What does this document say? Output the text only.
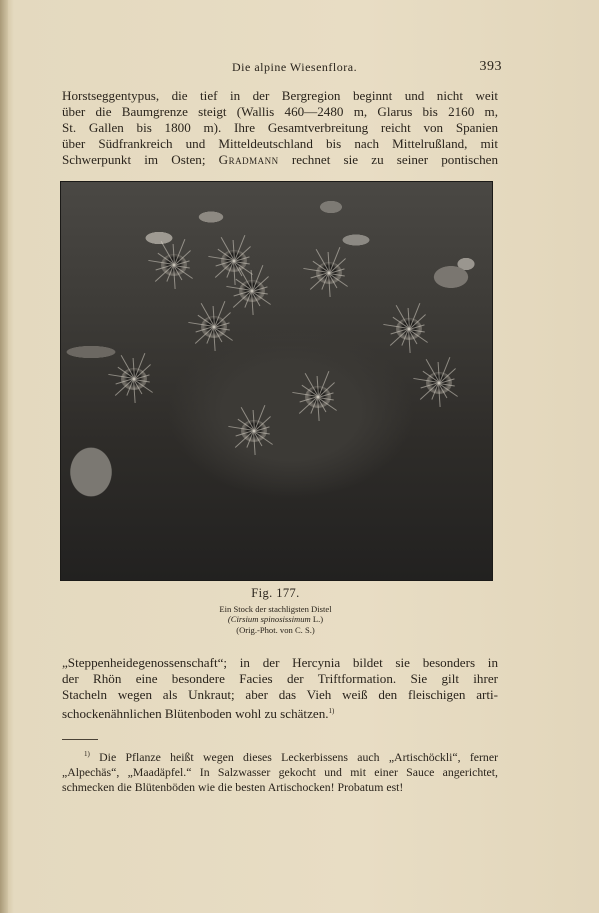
Die alpine Wiesenflora.	393
Horstseggentypus, die tief in der Bergregion beginnt und nicht weit
über die Baumgrenze steigt (Wallis 460—2480 m, Glarus bis 2160 m,
St. Gallen bis 1800 m). Ihre Gesamtverbreitung reicht von Spanien
über Südfrankreich und Mitteldeutschland bis nach Mittelrußland, mit
Schwerpunkt im Osten; Gradmann rechnet sie zu seiner pontischen
Fig. 177.
Ein Stock der stachligsten Distel
(Cirsium spinosissimum L.)
(Orig.-Phot. von C. S.)
„Steppenheidegenossenschaft“; in der Hercynia bildet sie besonders in
der Rhön eine besondere Facies der Triftformation. Sie gilt ihrer
Stacheln wegen als Unkraut; aber das Vieh weiß den fleischigen arti-
schockenähnlichen Blütenboden wohl zu schätzen.$^{1)}$
$^{1)}$ Die Pflanze heißt wegen dieses Leckerbissens auch „Artischöckli“, ferner
„Alpechäs“, „Maadäpfel.“ In Salzwasser gekocht und mit einer Sauce angerichtet,
schmecken die Blütenböden wie die besten Artischocken! Probatum est!
